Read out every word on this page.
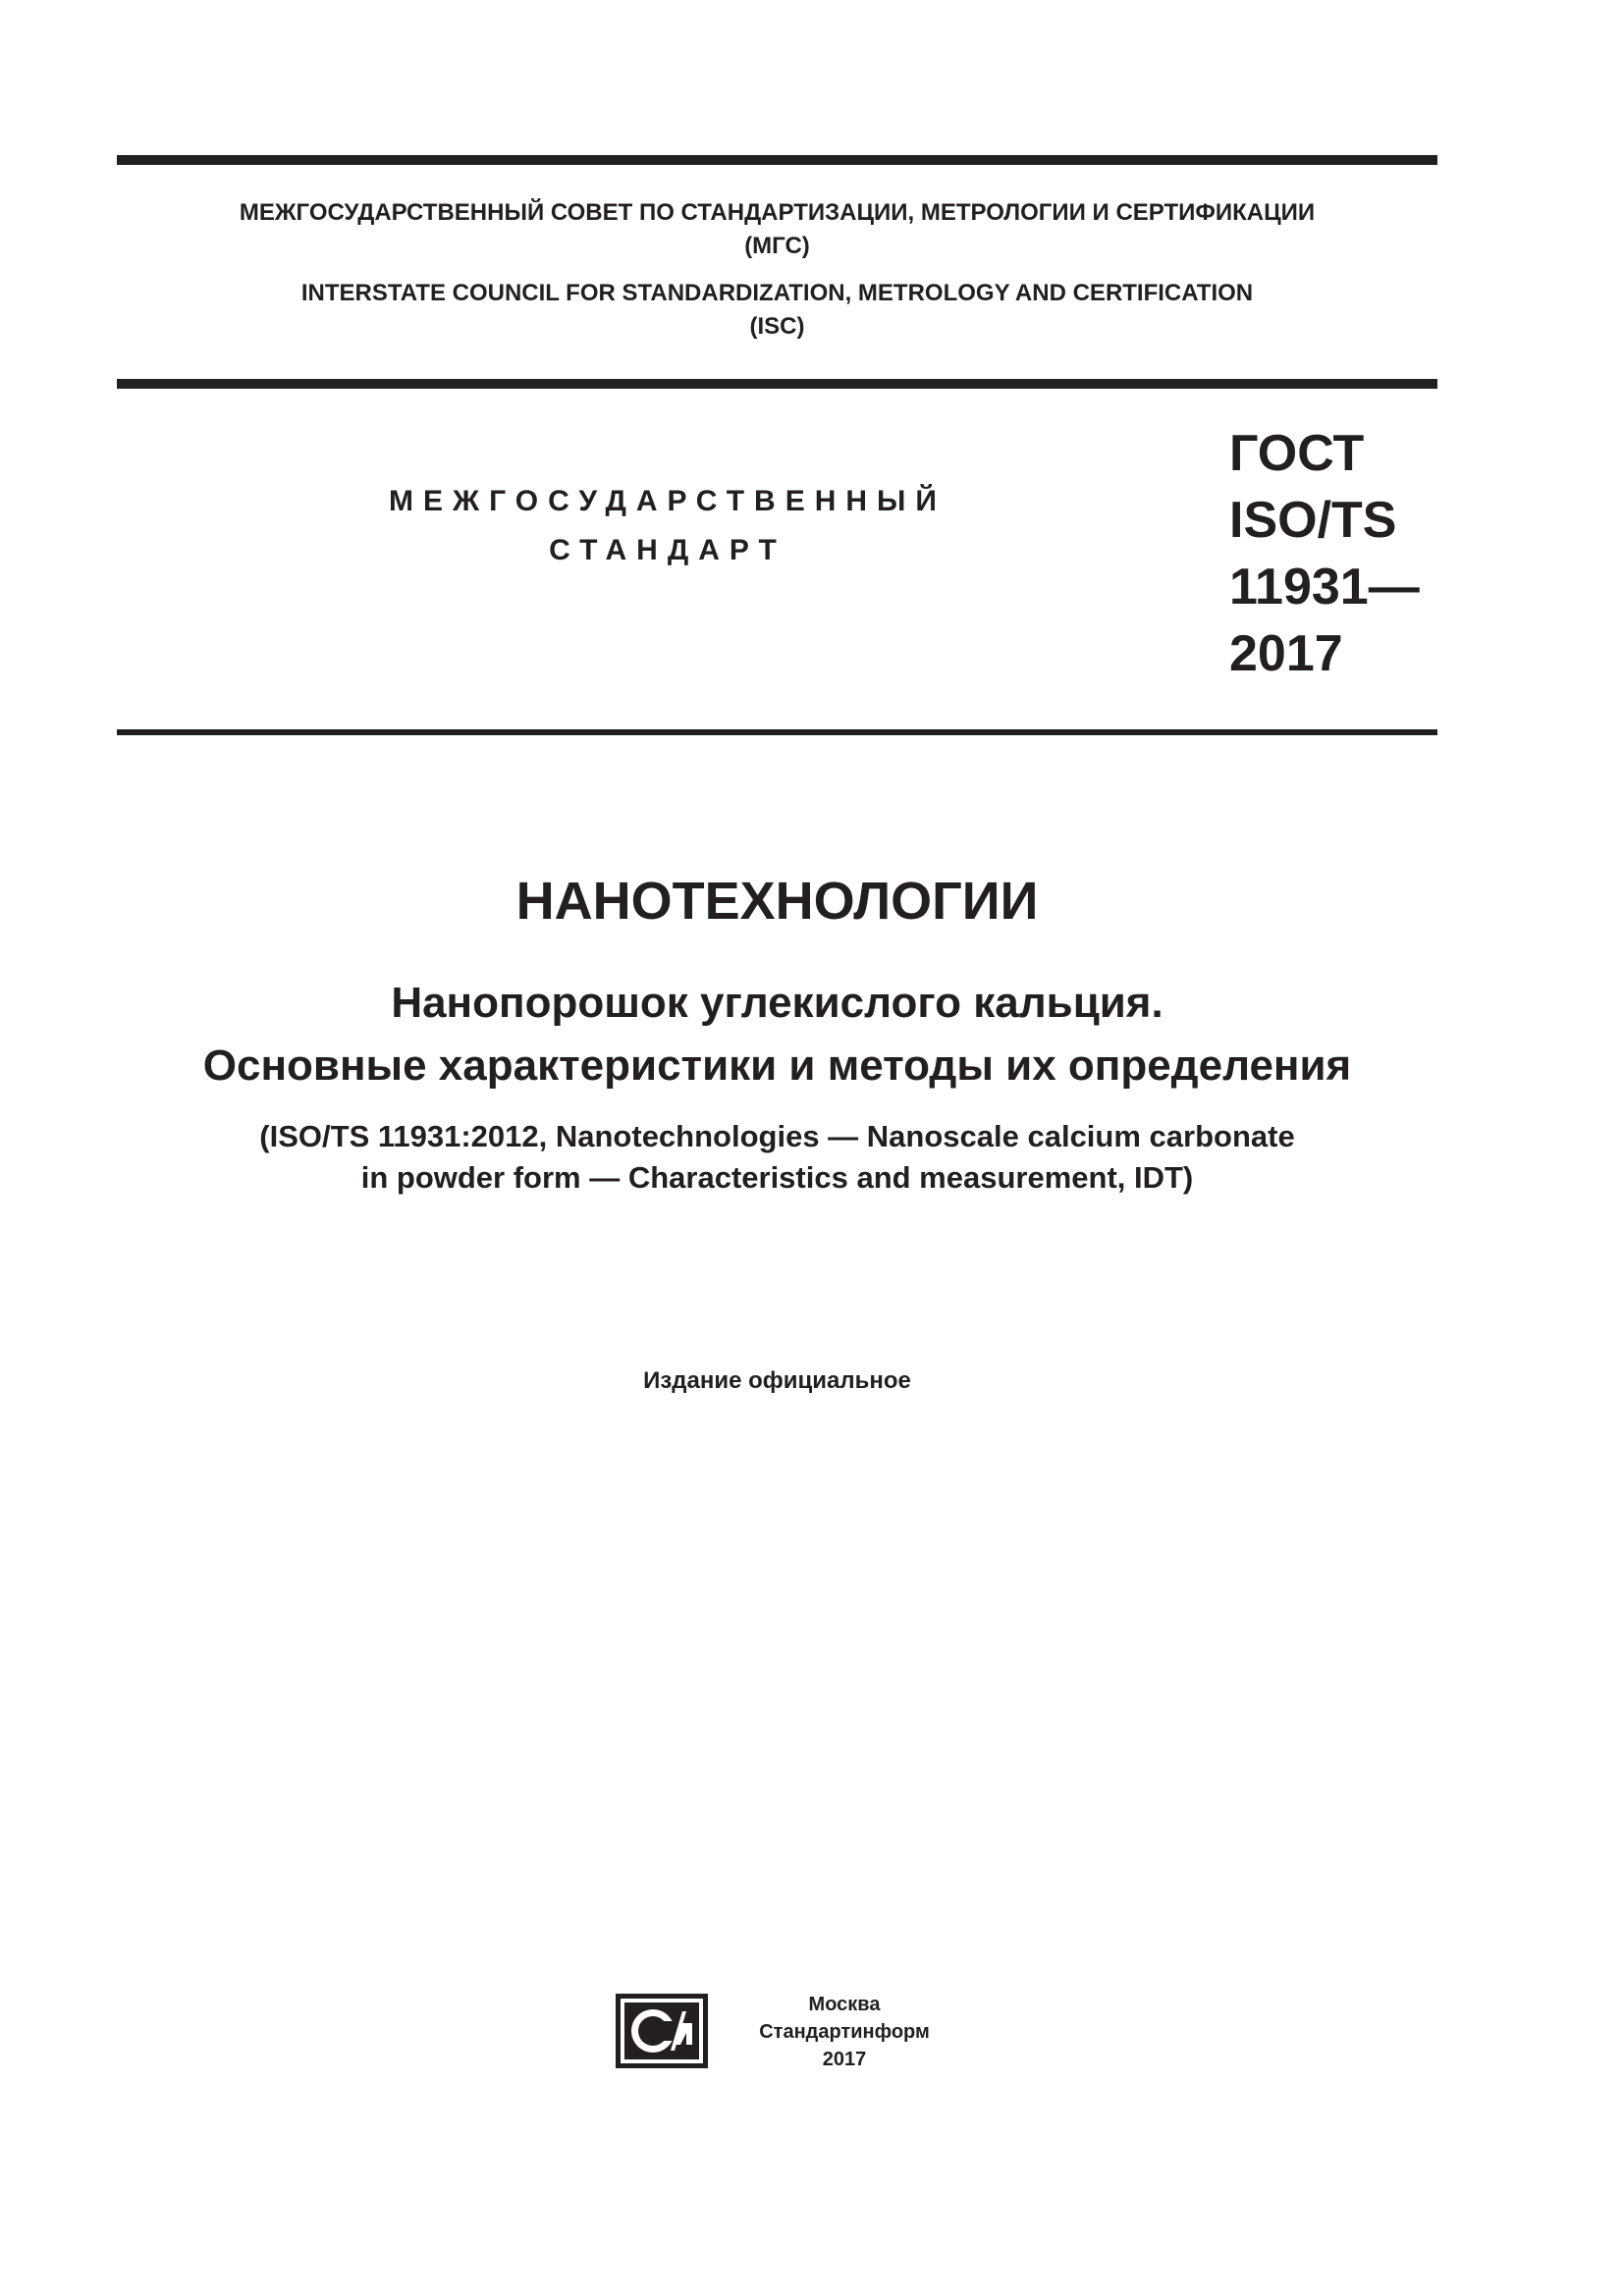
МЕЖГОСУДАРСТВЕННЫЙ СОВЕТ ПО СТАНДАРТИЗАЦИИ, МЕТРОЛОГИИ И СЕРТИФИКАЦИИ
(МГС)
INTERSTATE COUNCIL FOR STANDARDIZATION, METROLOGY AND CERTIFICATION
(ISC)
МЕЖГОСУДАРСТВЕННЫЙ
СТАНДАРТ
ГОСТ
ISO/TS
11931—
2017
НАНОТЕХНОЛОГИИ
Нанопорошок углекислого кальция.
Основные характеристики и методы их определения
(ISO/TS 11931:2012, Nanotechnologies — Nanoscale calcium carbonate
in powder form — Characteristics and measurement, IDT)
Издание официальное
Москва
Стандартинформ
2017
